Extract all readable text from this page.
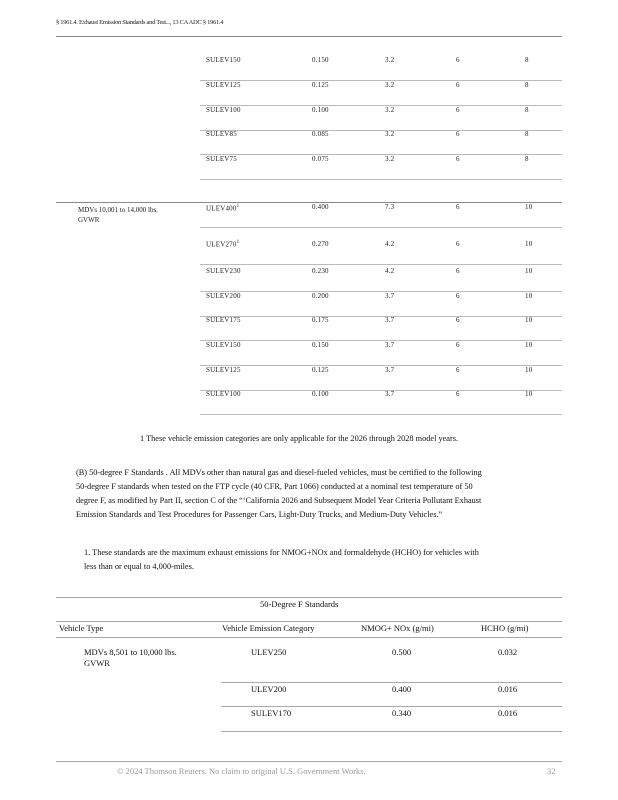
§ 1961.4. Exhaust Emission Standards and Test..., 13 CA ADC § 1961.4
SULEV150	0.150	3.2	6	8
SULEV125	0.125	3.2	6	8
SULEV100	0.100	3.2	6	8
SULEV85	0.085	3.2	6	8
SULEV75	0.075	3.2	6	8
MDVs 10,001 to 14,000 lbs. GVWR
$ULEV400^1$	0.400	7.3	6	10
$ULEV270^1$	0.270	4.2	6	10
SULEV230	0.230	4.2	6	10
SULEV200	0.200	3.7	6	10
SULEV175	0.175	3.7	6	10
SULEV150	0.150	3.7	6	10
SULEV125	0.125	3.7	6	10
SULEV100	0.100	3.7	6	10
1 These vehicle emission categories are only applicable for the 2026 through 2028 model years.
(B) 50-degree F Standards . All MDVs other than natural gas and diesel-fueled vehicles, must be certified to the following
50-degree F standards when tested on the FTP cycle (40 CFR, Part 1066) conducted at a nominal test temperature of 50
degree F, as modified by Part II, section C of the “‘California 2026 and Subsequent Model Year Criteria Pollutant Exhaust
Emission Standards and Test Procedures for Passenger Cars, Light-Duty Trucks, and Medium-Duty Vehicles.”
1. These standards are the maximum exhaust emissions for NMOG+NOx and formaldehyde (HCHO) for vehicles with
less than or equal to 4,000-miles.
50-Degree F Standards
Vehicle Type	Vehicle Emission Category	NMOG+ NOx (g/mi)	HCHO (g/mi)
MDVs 8,501 to 10,000 lbs. GVWR
ULEV250	0.500	0.032
ULEV200	0.400	0.016
SULEV170	0.340	0.016
© 2024 Thomson Reuters. No claim to original U.S. Government Works.	32
